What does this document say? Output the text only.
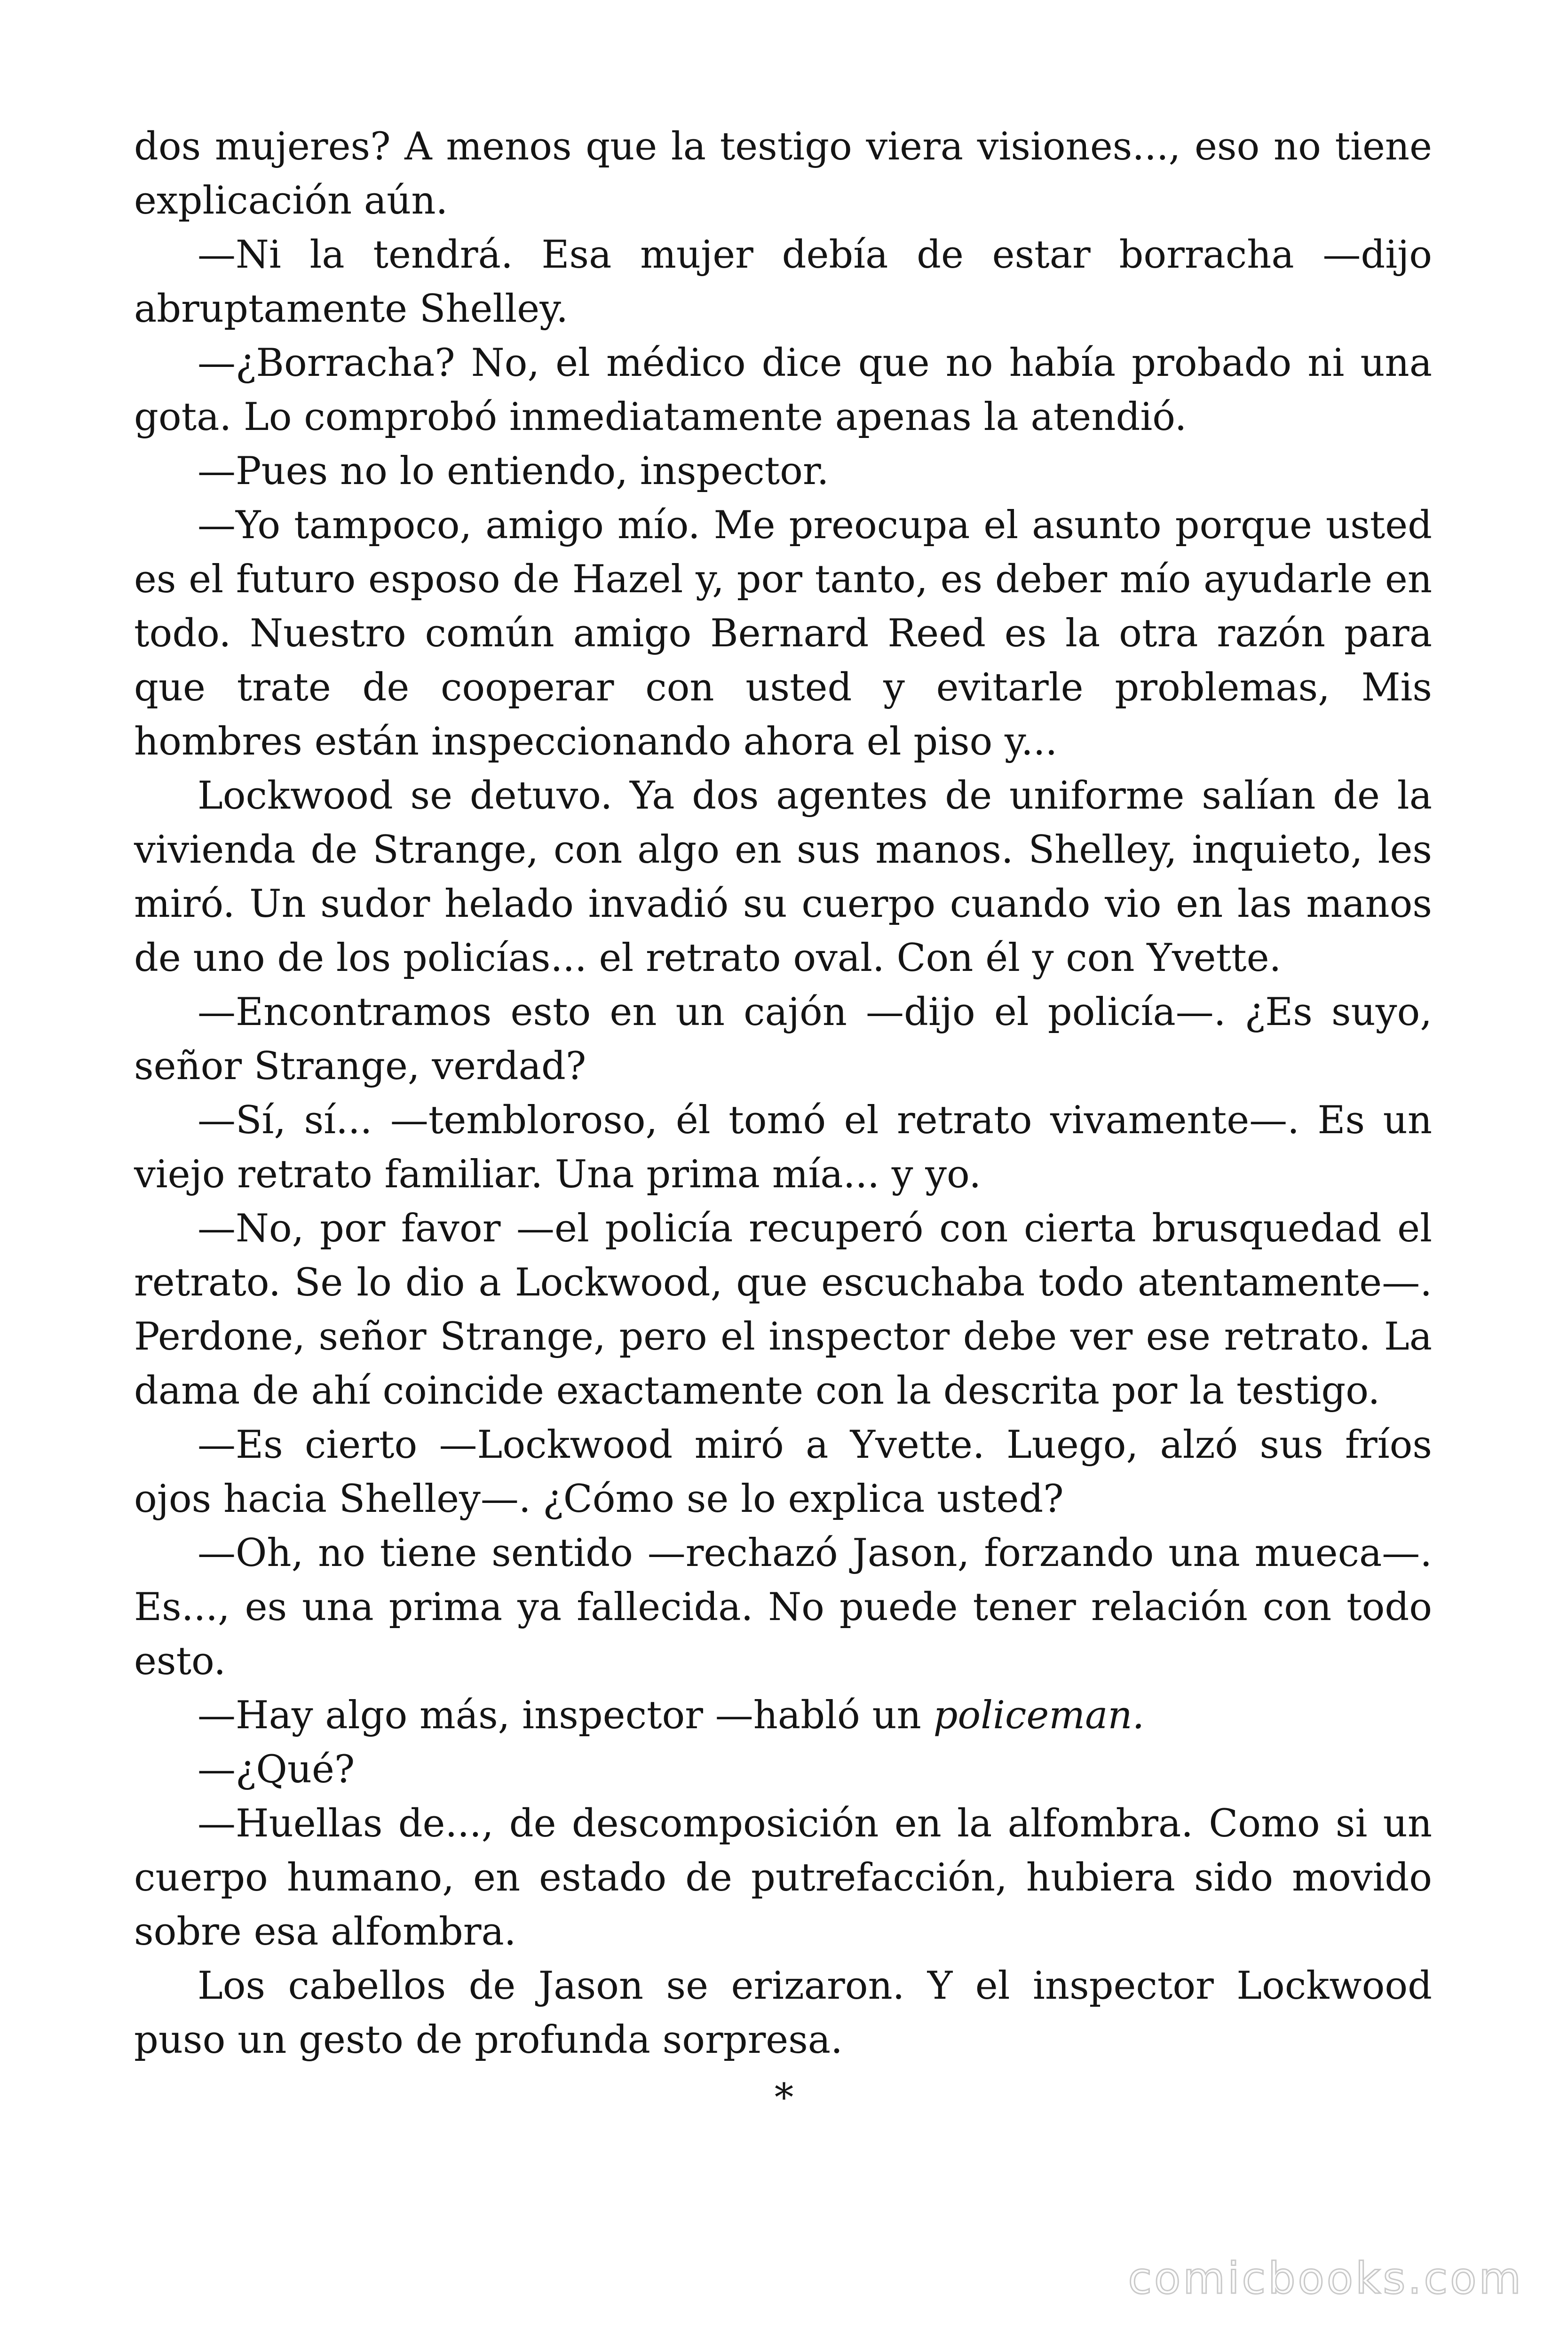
dos mujeres? A menos que la testigo viera visiones..., eso no tiene explicación aún.

—Ni la tendrá. Esa mujer debía de estar borracha —dijo abruptamente Shelley.

—¿Borracha? No, el médico dice que no había probado ni una gota. Lo comprobó inmediatamente apenas la atendió.

—Pues no lo entiendo, inspector.

—Yo tampoco, amigo mío. Me preocupa el asunto porque usted es el futuro esposo de Hazel y, por tanto, es deber mío ayudarle en todo. Nuestro común amigo Bernard Reed es la otra razón para que trate de cooperar con usted y evitarle problemas, Mis hombres están inspeccionando ahora el piso y...

Lockwood se detuvo. Ya dos agentes de uniforme salían de la vivienda de Strange, con algo en sus manos. Shelley, inquieto, les miró. Un sudor helado invadió su cuerpo cuando vio en las manos de uno de los policías... el retrato oval. Con él y con Yvette.

—Encontramos esto en un cajón —dijo el policía—. ¿Es suyo, señor Strange, verdad?

—Sí, sí... —tembloroso, él tomó el retrato vivamente—. Es un viejo retrato familiar. Una prima mía... y yo.

—No, por favor —el policía recuperó con cierta brusquedad el retrato. Se lo dio a Lockwood, que escuchaba todo atentamente—. Perdone, señor Strange, pero el inspector debe ver ese retrato. La dama de ahí coincide exactamente con la descrita por la testigo.

—Es cierto —Lockwood miró a Yvette. Luego, alzó sus fríos ojos hacia Shelley—. ¿Cómo se lo explica usted?

—Oh, no tiene sentido —rechazó Jason, forzando una mueca—. Es..., es una prima ya fallecida. No puede tener relación con todo esto.

—Hay algo más, inspector —habló un policeman.

—¿Qué?

—Huellas de..., de descomposición en la alfombra. Como si un cuerpo humano, en estado de putrefacción, hubiera sido movido sobre esa alfombra.

Los cabellos de Jason se erizaron. Y el inspector Lockwood puso un gesto de profunda sorpresa.

*
comicbooks.com
